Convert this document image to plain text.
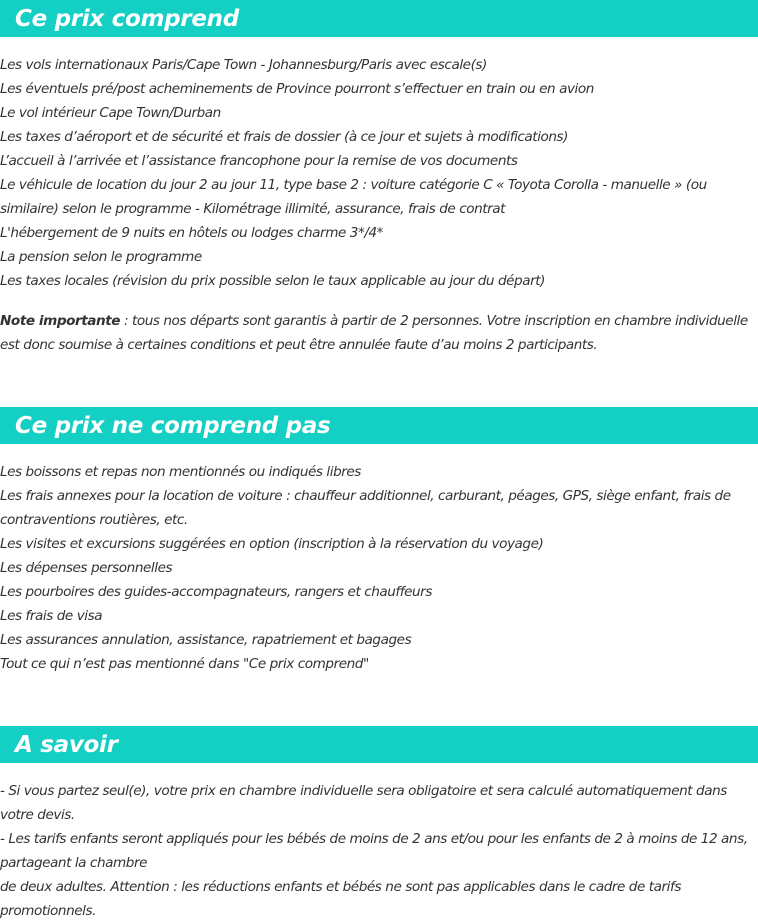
Ce prix comprend
Les vols internationaux Paris/Cape Town - Johannesburg/Paris avec escale(s)
Les éventuels pré/post acheminements de Province pourront s’effectuer en train ou en avion
Le vol intérieur Cape Town/Durban
Les taxes d’aéroport et de sécurité et frais de dossier (à ce jour et sujets à modifications)
L’accueil à l’arrivée et l’assistance francophone pour la remise de vos documents
Le véhicule de location du jour 2 au jour 11, type base 2 : voiture catégorie C « Toyota Corolla - manuelle » (ou similaire) selon le programme - Kilométrage illimité, assurance, frais de contrat
L'hébergement de 9 nuits en hôtels ou lodges charme 3*/4*
La pension selon le programme
Les taxes locales (révision du prix possible selon le taux applicable au jour du départ)

Note importante : tous nos départs sont garantis à partir de 2 personnes. Votre inscription en chambre individuelle est donc soumise à certaines conditions et peut être annulée faute d’au moins 2 participants.

Ce prix ne comprend pas
Les boissons et repas non mentionnés ou indiqués libres
Les frais annexes pour la location de voiture : chauffeur additionnel, carburant, péages, GPS, siège enfant, frais de contraventions routières, etc.
Les visites et excursions suggérées en option (inscription à la réservation du voyage)
Les dépenses personnelles
Les pourboires des guides-accompagnateurs, rangers et chauffeurs
Les frais de visa
Les assurances annulation, assistance, rapatriement et bagages
Tout ce qui n’est pas mentionné dans "Ce prix comprend"
A savoir
- Si vous partez seul(e), votre prix en chambre individuelle sera obligatoire et sera calculé automatiquement dans votre devis.
- Les tarifs enfants seront appliqués pour les bébés de moins de 2 ans et/ou pour les enfants de 2 à moins de 12 ans, partageant la chambre
de deux adultes. Attention : les réductions enfants et bébés ne sont pas applicables dans le cadre de tarifs promotionnels.
